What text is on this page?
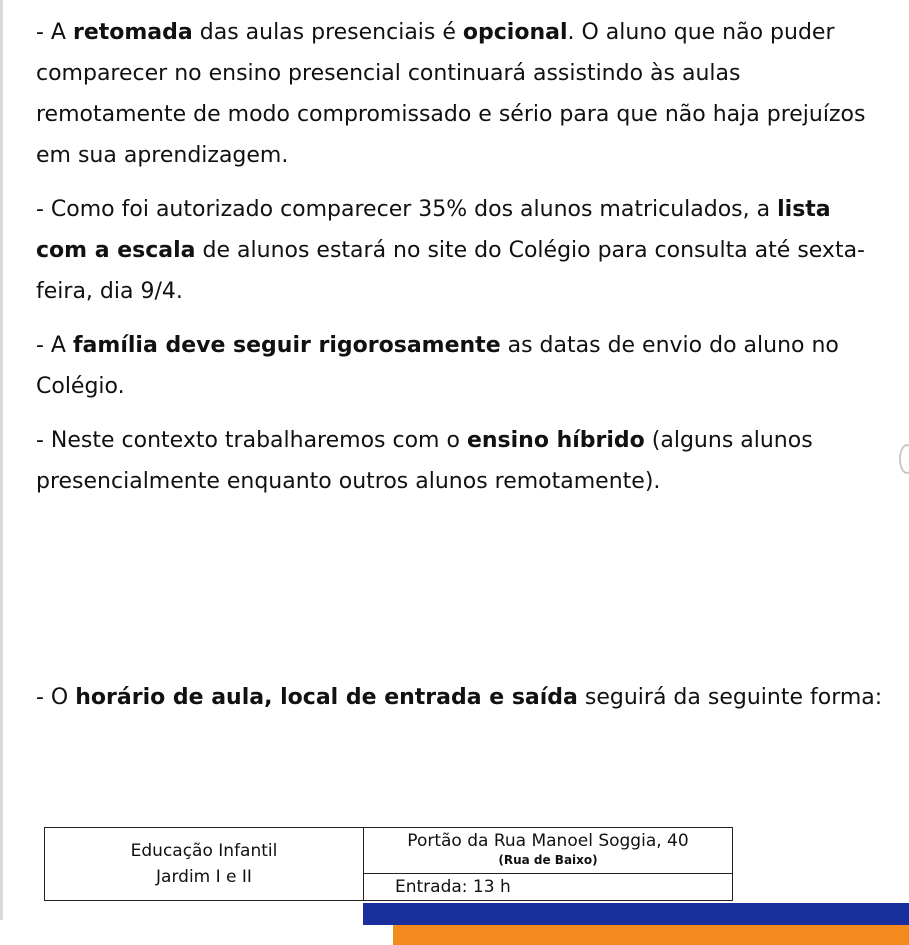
- A retomada das aulas presenciais é opcional. O aluno que não puder comparecer no ensino presencial continuará assistindo às aulas remotamente de modo compromissado e sério para que não haja prejuízos em sua aprendizagem.

- Como foi autorizado comparecer 35% dos alunos matriculados, a lista com a escala de alunos estará no site do Colégio para consulta até sexta-feira, dia 9/4.

- A família deve seguir rigorosamente as datas de envio do aluno no Colégio.

- Neste contexto trabalharemos com o ensino híbrido (alguns alunos presencialmente enquanto outros alunos remotamente).

- O horário de aula, local de entrada e saída seguirá da seguinte forma:

Educação Infantil
Jardim I e II
Portão da Rua Manoel Soggia, 40
(Rua de Baixo)
Entrada: 13 h
